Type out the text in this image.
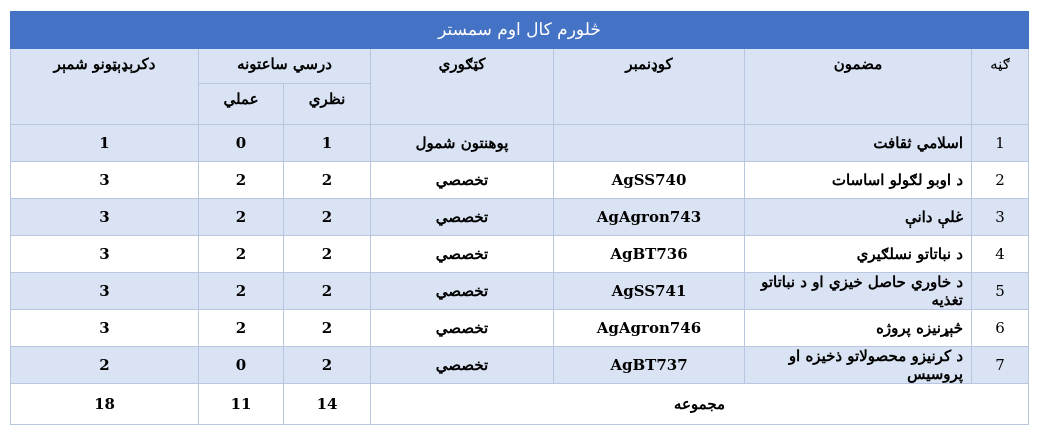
څلورم کال اوم سمستر						
ګڼه	مضمون	کوډنمبر	کټګوري	درسي ساعتونه		دکرېډېټونو شمېر
				نظري	عملي	
1	اسلامي ثقافت		پوهنتون شمول	1	0	1
2	د اوبو لګولو اساسات	AgSS740	تخصصي	2	2	3
3	غلې دانې	AgAgron743	تخصصي	2	2	3
4	د نباتاتو نسلګيري	AgBT736	تخصصي	2	2	3
5	د خاوري حاصل خيزي او د نباتاتو تغذيه	AgSS741	تخصصي	2	2	3
6	څېړنيزه پروژه	AgAgron746	تخصصي	2	2	3
7	د کرنيزو محصولاتو ذخيزه او پروسيس	AgBT737	تخصصي	2	0	2
مجموعه				14	11	18
